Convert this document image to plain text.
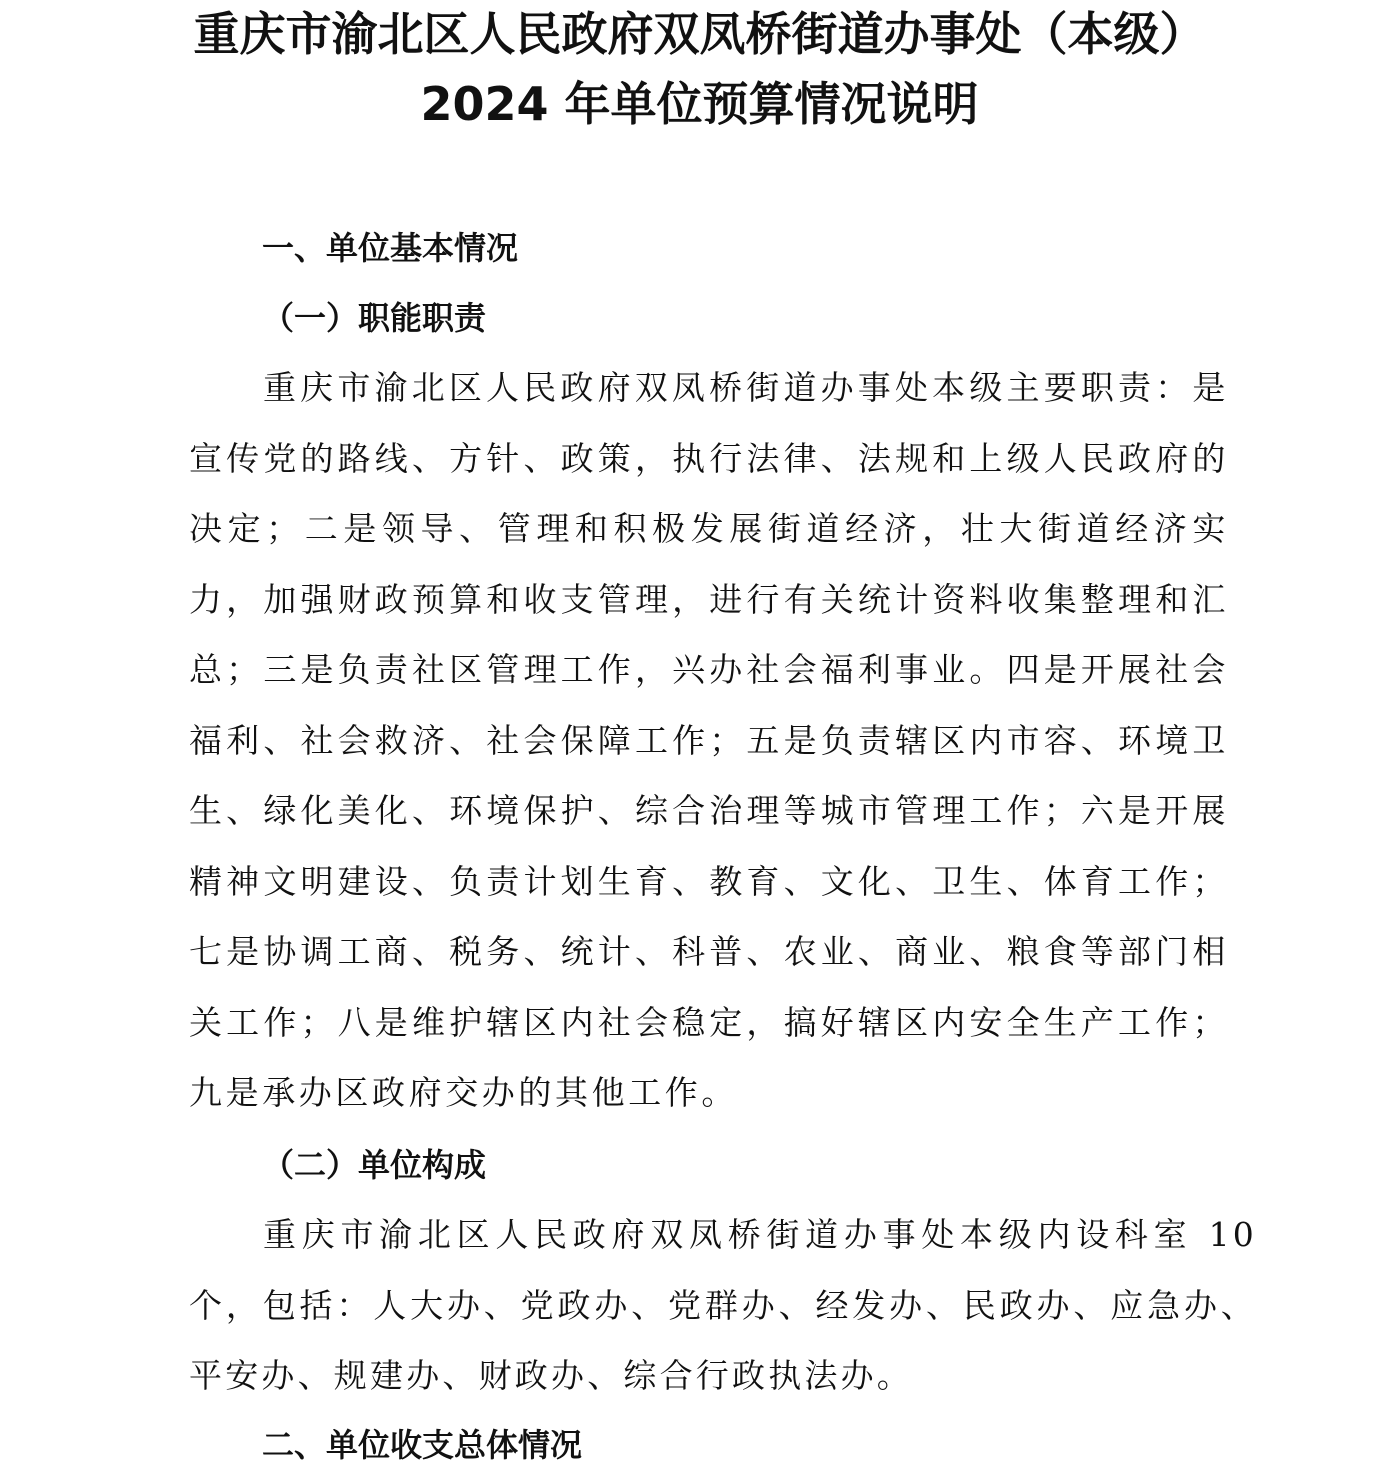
重庆市渝北区人民政府双凤桥街道办事处（本级）
2024 年单位预算情况说明
一、单位基本情况
（一）职能职责

重庆市渝北区人民政府双凤桥街道办事处本级主要职责：是宣传党的路线、方针、政策，执行法律、法规和上级人民政府的决定；二是领导、管理和积极发展街道经济，壮大街道经济实力，加强财政预算和收支管理，进行有关统计资料收集整理和汇总；三是负责社区管理工作，兴办社会福利事业。四是开展社会福利、社会救济、社会保障工作；五是负责辖区内市容、环境卫生、绿化美化、环境保护、综合治理等城市管理工作；六是开展精神文明建设、负责计划生育、教育、文化、卫生、体育工作；七是协调工商、税务、统计、科普、农业、商业、粮食等部门相关工作；八是维护辖区内社会稳定，搞好辖区内安全生产工作；九是承办区政府交办的其他工作。

（二）单位构成

重庆市渝北区人民政府双凤桥街道办事处本级内设科室 10 个，包括：人大办、党政办、党群办、经发办、民政办、应急办、平安办、规建办、财政办、综合行政执法办。

二、单位收支总体情况
